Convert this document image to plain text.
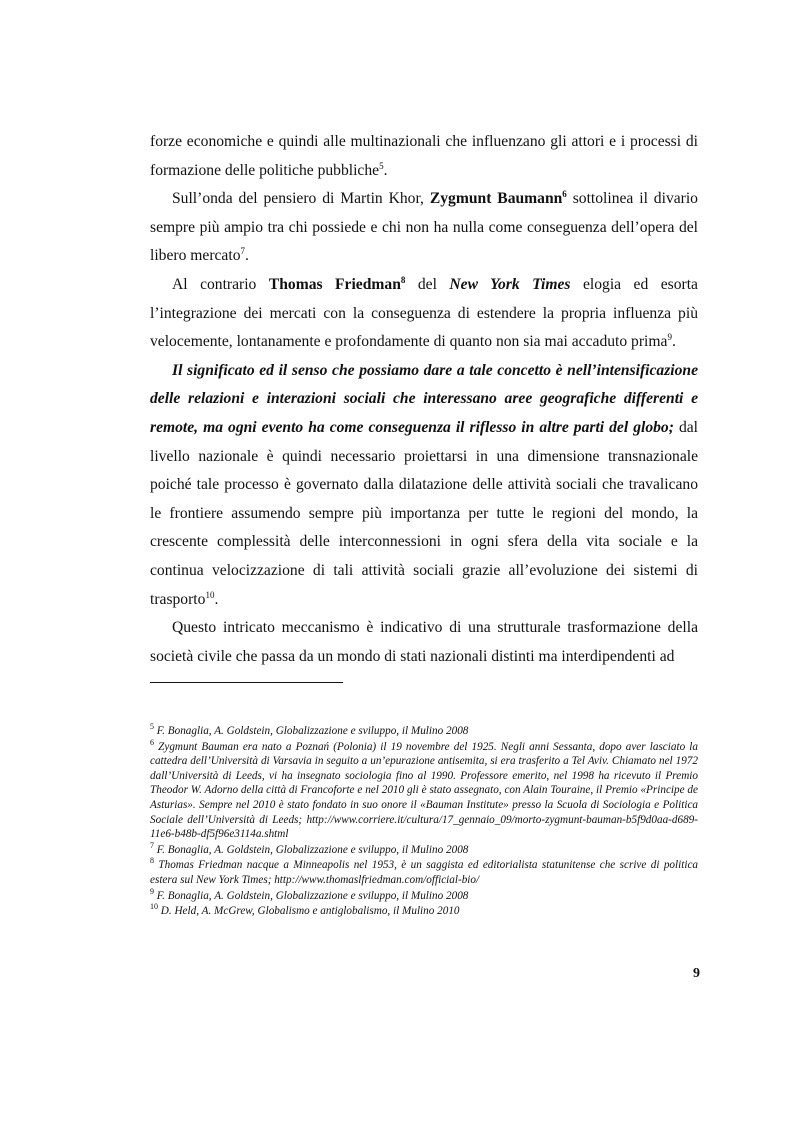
forze economiche e quindi alle multinazionali che influenzano gli attori e i processi di formazione delle politiche pubbliche$^5$.

Sull’onda del pensiero di Martin Khor, Zygmunt Baumann$^6$ sottolinea il divario sempre più ampio tra chi possiede e chi non ha nulla come conseguenza dell’opera del libero mercato$^7$.

Al contrario Thomas Friedman$^8$ del New York Times elogia ed esorta l’integrazione dei mercati con la conseguenza di estendere la propria influenza più velocemente, lontanamente e profondamente di quanto non sia mai accaduto prima$^9$.

Il significato ed il senso che possiamo dare a tale concetto è nell’intensificazione delle relazioni e interazioni sociali che interessano aree geografiche differenti e remote, ma ogni evento ha come conseguenza il riflesso in altre parti del globo; dal livello nazionale è quindi necessario proiettarsi in una dimensione transnazionale poiché tale processo è governato dalla dilatazione delle attività sociali che travalicano le frontiere assumendo sempre più importanza per tutte le regioni del mondo, la crescente complessità delle interconnessioni in ogni sfera della vita sociale e la continua velocizzazione di tali attività sociali grazie all’evoluzione dei sistemi di trasporto$^{10}$.

Questo intricato meccanismo è indicativo di una strutturale trasformazione della società civile che passa da un mondo di stati nazionali distinti ma interdipendenti ad

$^5$ F. Bonaglia, A. Goldstein, Globalizzazione e sviluppo, il Mulino 2008

$^6$ Zygmunt Bauman era nato a Poznań (Polonia) il 19 novembre del 1925. Negli anni Sessanta, dopo aver lasciato la cattedra dell’Università di Varsavia in seguito a un’epurazione antisemita, si era trasferito a Tel Aviv. Chiamato nel 1972 dall’Università di Leeds, vi ha insegnato sociologia fino al 1990. Professore emerito, nel 1998 ha ricevuto il Premio Theodor W. Adorno della città di Francoforte e nel 2010 gli è stato assegnato, con Alain Touraine, il Premio «Principe de Asturias». Sempre nel 2010 è stato fondato in suo onore il «Bauman Institute» presso la Scuola di Sociologia e Politica Sociale dell’Università di Leeds; http://www.corriere.it/cultura/17_gennaio_09/morto-zygmunt-bauman-b5f9d0aa-d689-11e6-b48b-df5f96e3114a.shtml

$^7$ F. Bonaglia, A. Goldstein, Globalizzazione e sviluppo, il Mulino 2008

$^8$ Thomas Friedman nacque a Minneapolis nel 1953, è un saggista ed editorialista statunitense che scrive di politica estera sul New York Times; http://www.thomaslfriedman.com/official-bio/

$^9$ F. Bonaglia, A. Goldstein, Globalizzazione e sviluppo, il Mulino 2008

$^{10}$ D. Held, A. McGrew, Globalismo e antiglobalismo, il Mulino 2010

9
